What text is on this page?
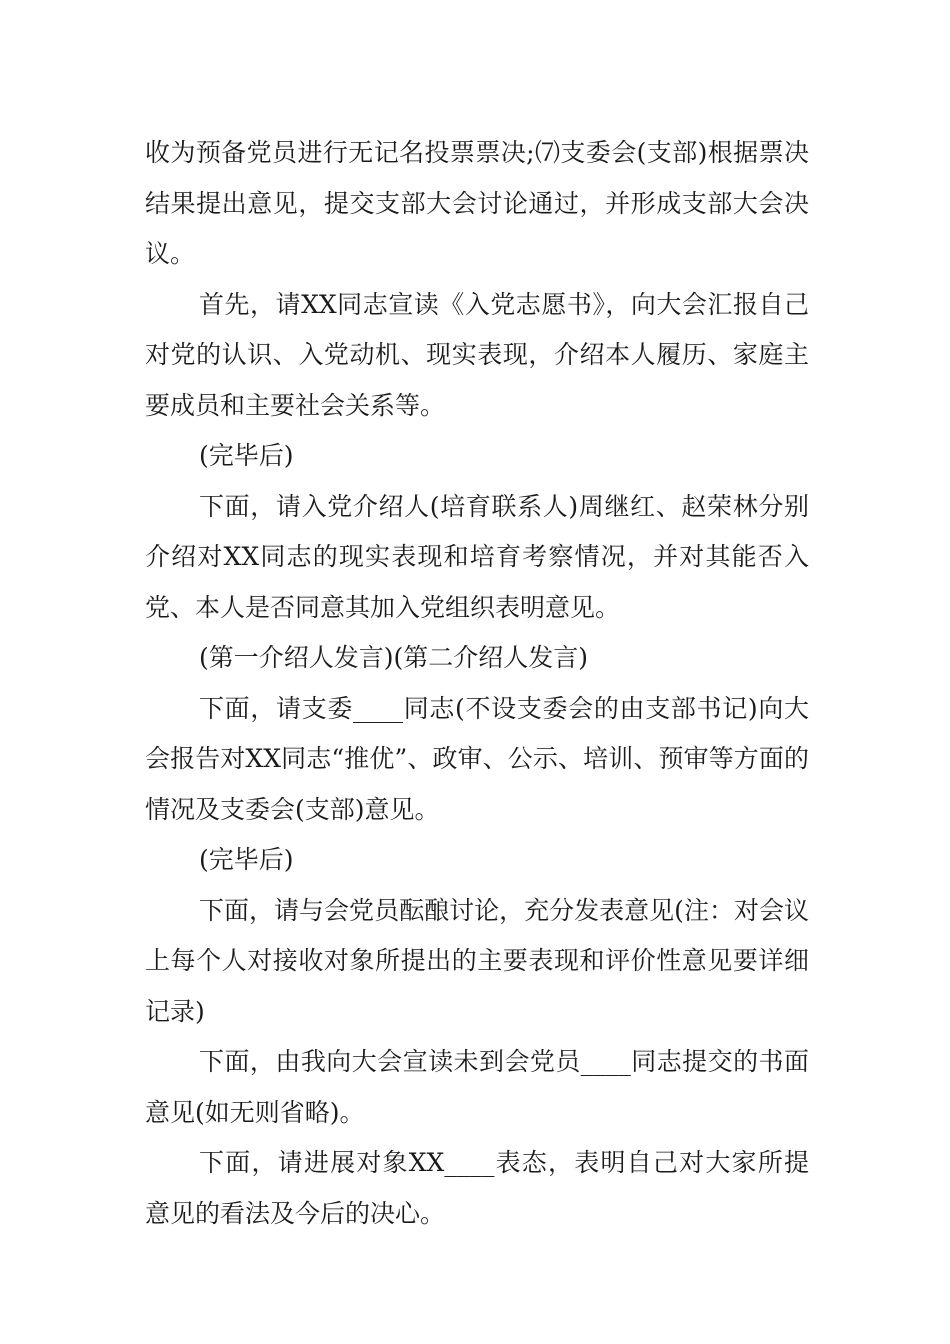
收为预备党员进行无记名投票票决;⑺支委会(支部)根据票决结果提出意见，提交支部大会讨论通过，并形成支部大会决议。

首先，请XX同志宣读《入党志愿书》，向大会汇报自己对党的认识、入党动机、现实表现，介绍本人履历、家庭主要成员和主要社会关系等。

(完毕后)

下面，请入党介绍人(培育联系人)周继红、赵荣林分别介绍对XX同志的现实表现和培育考察情况，并对其能否入党、本人是否同意其加入党组织表明意见。

(第一介绍人发言)(第二介绍人发言)

下面，请支委____同志(不设支委会的由支部书记)向大会报告对XX同志“推优”、政审、公示、培训、预审等方面的情况及支委会(支部)意见。

(完毕后)

下面，请与会党员酝酿讨论，充分发表意见(注：对会议上每个人对接收对象所提出的主要表现和评价性意见要详细记录)

下面，由我向大会宣读未到会党员____同志提交的书面意见(如无则省略)。

下面，请进展对象XX____表态，表明自己对大家所提意见的看法及今后的决心。
